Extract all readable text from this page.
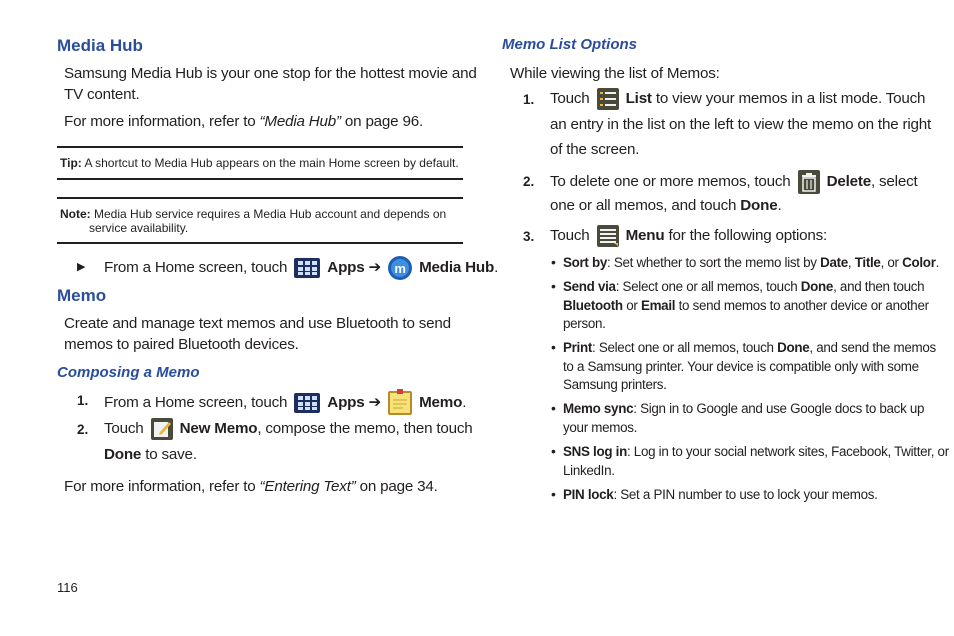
Media Hub
Samsung Media Hub is your one stop for the hottest movie and
TV content.
For more information, refer to “Media Hub” on page 96.
Tip: A shortcut to Media Hub appears on the main Home screen by default.
Note: Media Hub service requires a Media Hub account and depends on
service availability.
▶ From a Home screen, touch	Apps ➔ m Media Hub.
Memo
Create and manage text memos and use Bluetooth to send
memos to paired Bluetooth devices.
Composing a Memo
1. From a Home screen, touch	Apps ➔	Memo.
2. Touch New Memo, compose the memo, then touch
Done to save.
For more information, refer to “Entering Text” on page 34.
116
Memo List Options
While viewing the list of Memos:
1. Touch List to view your memos in a list mode. Touch
an entry in the list on the left to view the memo on the right
of the screen.
2. To delete one or more memos, touch Delete, select
one or all memos, and touch Done.
3. Touch Menu for the following options:
• Sort by: Set whether to sort the memo list by Date, Title, or Color.
• Send via: Select one or all memos, touch Done, and then touch
Bluetooth or Email to send memos to another device or another
person.
• Print: Select one or all memos, touch Done, and send the memos
to a Samsung printer. Your device is compatible only with some
Samsung printers.
• Memo sync: Sign in to Google and use Google docs to back up
your memos.
• SNS log in: Log in to your social network sites, Facebook, Twitter, or
LinkedIn.
• PIN lock: Set a PIN number to use to lock your memos.
